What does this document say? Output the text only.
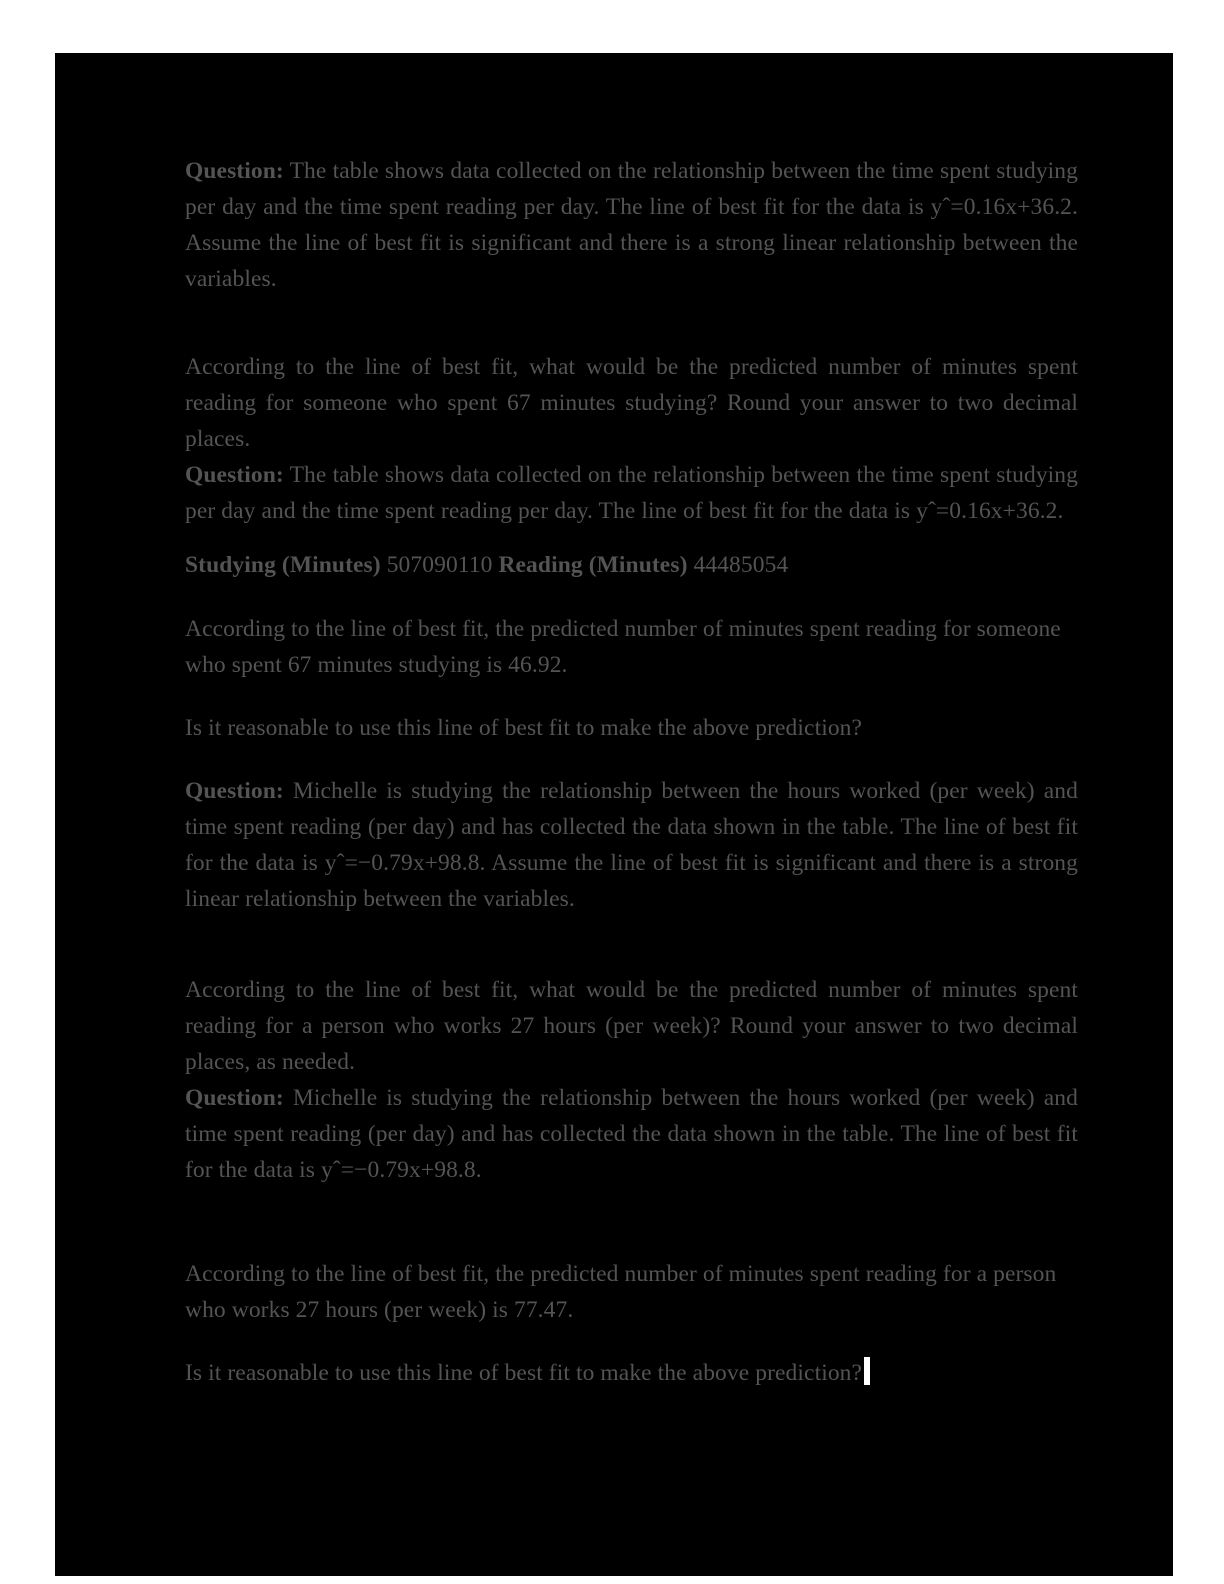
Question: The table shows data collected on the relationship between the time spent studying per day and the time spent reading per day. The line of best fit for the data is yˆ=0.16x+36.2. Assume the line of best fit is significant and there is a strong linear relationship between the variables.

According to the line of best fit, what would be the predicted number of minutes spent reading for someone who spent 67 minutes studying? Round your answer to two decimal places.

Question: The table shows data collected on the relationship between the time spent studying per day and the time spent reading per day. The line of best fit for the data is yˆ=0.16x+36.2.

Studying (Minutes) 507090110 Reading (Minutes) 44485054

According to the line of best fit, the predicted number of minutes spent reading for someone who spent 67 minutes studying is 46.92.

Is it reasonable to use this line of best fit to make the above prediction?

Question: Michelle is studying the relationship between the hours worked (per week) and time spent reading (per day) and has collected the data shown in the table. The line of best fit for the data is yˆ=−0.79x+98.8. Assume the line of best fit is significant and there is a strong linear relationship between the variables.

According to the line of best fit, what would be the predicted number of minutes spent reading for a person who works 27 hours (per week)? Round your answer to two decimal places, as needed.

Question: Michelle is studying the relationship between the hours worked (per week) and time spent reading (per day) and has collected the data shown in the table. The line of best fit for the data is yˆ=−0.79x+98.8.

According to the line of best fit, the predicted number of minutes spent reading for a person who works 27 hours (per week) is 77.47.

Is it reasonable to use this line of best fit to make the above prediction?
